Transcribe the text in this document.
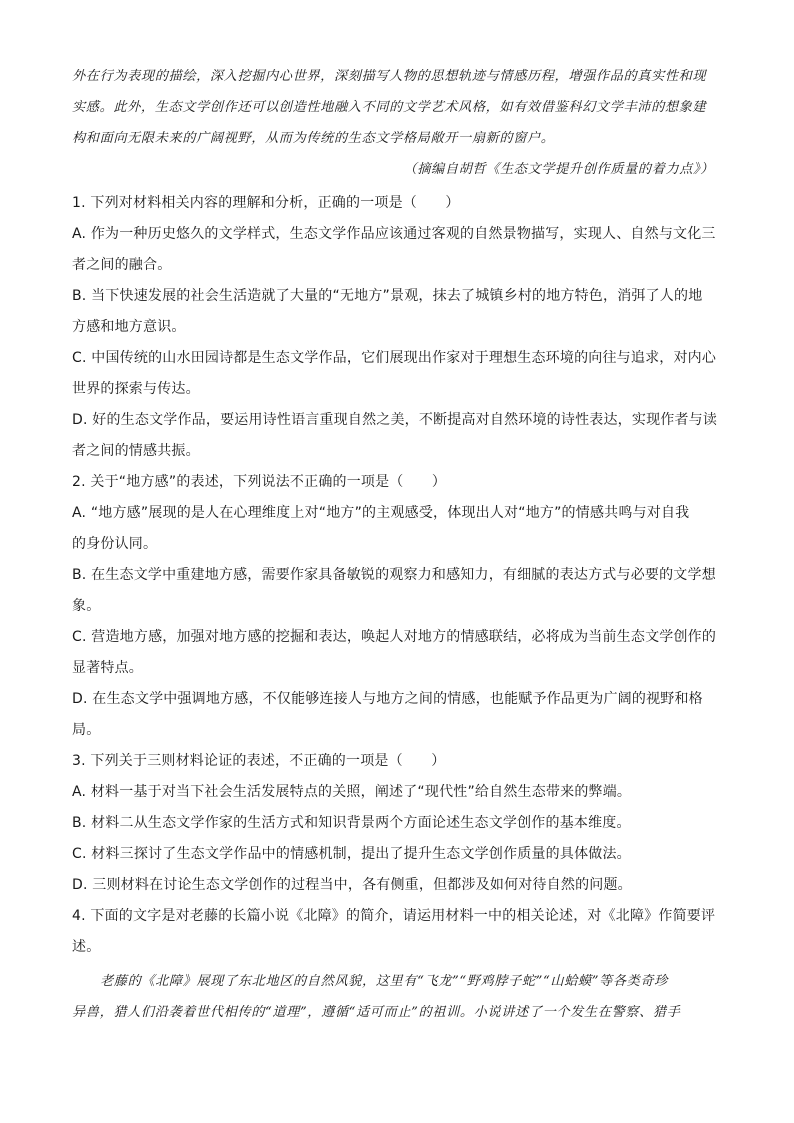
外在行为表现的描绘，深入挖掘内心世界，深刻描写人物的思想轨迹与情感历程，增强作品的真实性和现
实感。此外，生态文学创作还可以创造性地融入不同的文学艺术风格，如有效借鉴科幻文学丰沛的想象建
构和面向无限未来的广阔视野，从而为传统的生态文学格局敞开一扇新的窗户。
（摘编自胡哲《生态文学提升创作质量的着力点》）
1. 下列对材料相关内容的理解和分析，正确的一项是（　　）
A. 作为一种历史悠久的文学样式，生态文学作品应该通过客观的自然景物描写，实现人、自然与文化三
者之间的融合。
B. 当下快速发展的社会生活造就了大量的“无地方”景观，抹去了城镇乡村的地方特色，消弭了人的地
方感和地方意识。
C. 中国传统的山水田园诗都是生态文学作品，它们展现出作家对于理想生态环境的向往与追求，对内心
世界的探索与传达。
D. 好的生态文学作品，要运用诗性语言重现自然之美，不断提高对自然环境的诗性表达，实现作者与读
者之间的情感共振。
2. 关于“地方感”的表述，下列说法不正确的一项是（　　）
A. “地方感”展现的是人在心理维度上对“地方”的主观感受，体现出人对“地方”的情感共鸣与对自我
的身份认同。
B. 在生态文学中重建地方感，需要作家具备敏锐的观察力和感知力，有细腻的表达方式与必要的文学想
象。
C. 营造地方感，加强对地方感的挖掘和表达，唤起人对地方的情感联结，必将成为当前生态文学创作的
显著特点。
D. 在生态文学中强调地方感，不仅能够连接人与地方之间的情感，也能赋予作品更为广阔的视野和格
局。
3. 下列关于三则材料论证的表述，不正确的一项是（　　）
A. 材料一基于对当下社会生活发展特点的关照，阐述了“现代性”给自然生态带来的弊端。
B. 材料二从生态文学作家的生活方式和知识背景两个方面论述生态文学创作的基本维度。
C. 材料三探讨了生态文学作品中的情感机制，提出了提升生态文学创作质量的具体做法。
D. 三则材料在讨论生态文学创作的过程当中，各有侧重，但都涉及如何对待自然的问题。
4. 下面的文字是对老藤的长篇小说《北障》的简介，请运用材料一中的相关论述，对《北障》作简要评
述。
老藤的《北障》展现了东北地区的自然风貌，这里有“飞龙”“野鸡脖子蛇”“山蛤蟆”等各类奇珍
异兽，猎人们沿袭着世代相传的“道理”，遵循“适可而止”的祖训。小说讲述了一个发生在警察、猎手
